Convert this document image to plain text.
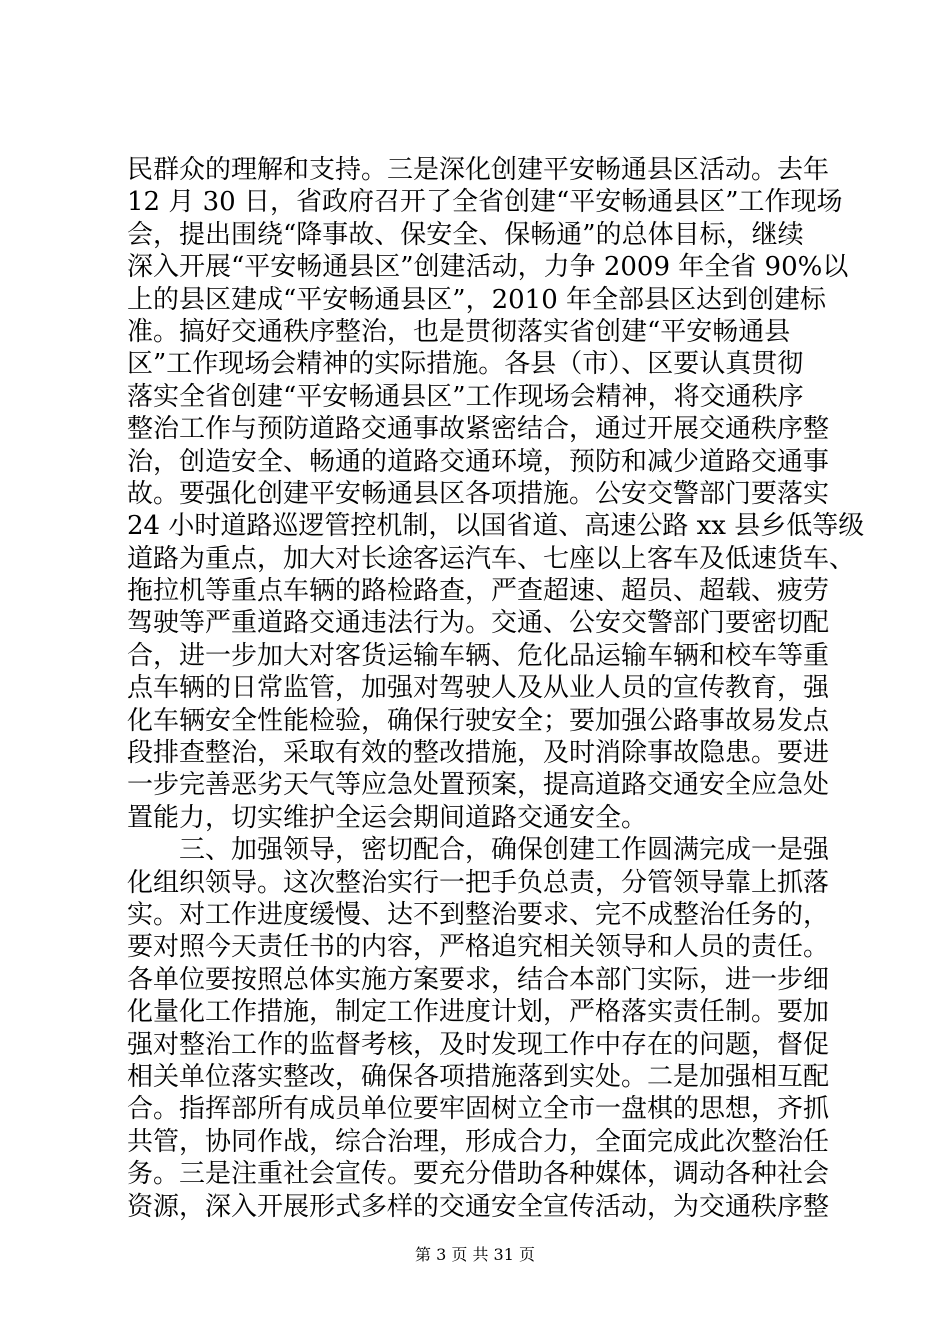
民群众的理解和支持。三是深化创建平安畅通县区活动。去年
12 月 30 日，省政府召开了全省创建“平安畅通县区”工作现场
会，提出围绕“降事故、保安全、保畅通”的总体目标，继续
深入开展“平安畅通县区”创建活动，力争 2009 年全省 90%以
上的县区建成“平安畅通县区”，2010 年全部县区达到创建标
准。搞好交通秩序整治，也是贯彻落实省创建“平安畅通县
区”工作现场会精神的实际措施。各县（市）、区要认真贯彻
落实全省创建“平安畅通县区”工作现场会精神，将交通秩序
整治工作与预防道路交通事故紧密结合，通过开展交通秩序整
治，创造安全、畅通的道路交通环境，预防和减少道路交通事
故。要强化创建平安畅通县区各项措施。公安交警部门要落实
24 小时道路巡逻管控机制，以国省道、高速公路 xx 县乡低等级
道路为重点，加大对长途客运汽车、七座以上客车及低速货车、
拖拉机等重点车辆的路检路查，严查超速、超员、超载、疲劳
驾驶等严重道路交通违法行为。交通、公安交警部门要密切配
合，进一步加大对客货运输车辆、危化品运输车辆和校车等重
点车辆的日常监管，加强对驾驶人及从业人员的宣传教育，强
化车辆安全性能检验，确保行驶安全；要加强公路事故易发点
段排查整治，采取有效的整改措施，及时消除事故隐患。要进
一步完善恶劣天气等应急处置预案，提高道路交通安全应急处
置能力，切实维护全运会期间道路交通安全。
　　三、加强领导，密切配合，确保创建工作圆满完成一是强
化组织领导。这次整治实行一把手负总责，分管领导靠上抓落
实。对工作进度缓慢、达不到整治要求、完不成整治任务的，
要对照今天责任书的内容，严格追究相关领导和人员的责任。
各单位要按照总体实施方案要求，结合本部门实际，进一步细
化量化工作措施，制定工作进度计划，严格落实责任制。要加
强对整治工作的监督考核，及时发现工作中存在的问题，督促
相关单位落实整改，确保各项措施落到实处。二是加强相互配
合。指挥部所有成员单位要牢固树立全市一盘棋的思想，齐抓
共管，协同作战，综合治理，形成合力，全面完成此次整治任
务。三是注重社会宣传。要充分借助各种媒体，调动各种社会
资源，深入开展形式多样的交通安全宣传活动，为交通秩序整
第 3 页 共 31 页
